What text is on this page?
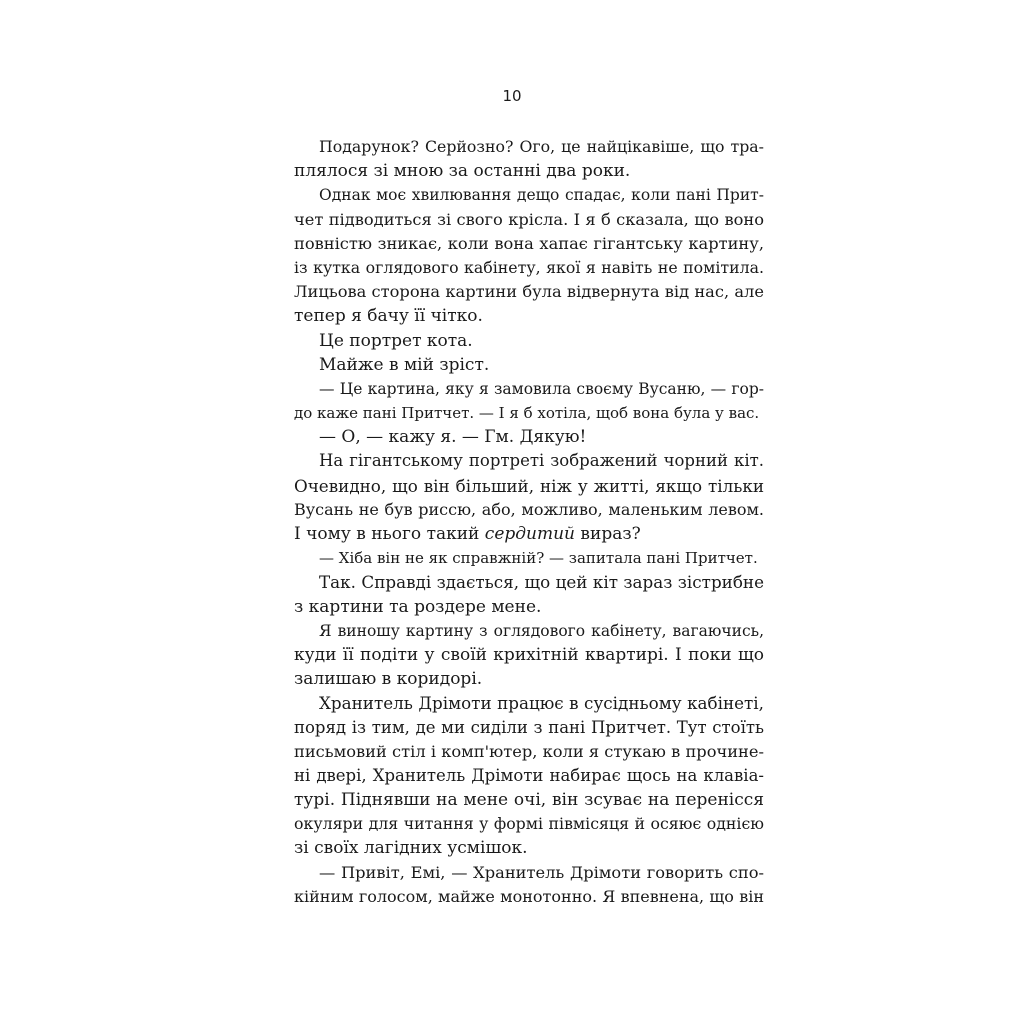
10
Подарунок? Серйозно? Ого, це найцікавіше, що тра-
плялося зі мною за останні два роки.
Однак моє хвилювання дещо спадає, коли пані Прит-
чет підводиться зі свого крісла. І я б сказала, що воно
повністю зникає, коли вона хапає гігантську картину,
із кутка оглядового кабінету, якої я навіть не помітила.
Лицьова сторона картини була відвернута від нас, але
тепер я бачу її чітко.
Це портрет кота.
Майже в мій зріст.
— Це картина, яку я замовила своєму Вусаню, — гор-
до каже пані Притчет. — І я б хотіла, щоб вона була у вас.
— О, — кажу я. — Гм. Дякую!
На гігантському портреті зображений чорний кіт.
Очевидно, що він більший, ніж у житті, якщо тільки
Вусань не був риссю, або, можливо, маленьким левом.
І чому в нього такий сердитий вираз?
— Хіба він не як справжній? — запитала пані Притчет.
Так. Справді здається, що цей кіт зараз зістрибне
з картини та роздере мене.
Я виношу картину з оглядового кабінету, вагаючись,
куди її подіти у своїй крихітній квартирі. І поки що
залишаю в коридорі.
Хранитель Дрімоти працює в сусідньому кабінеті,
поряд із тим, де ми сиділи з пані Притчет. Тут стоїть
письмовий стіл і комп'ютер, коли я стукаю в прочине-
ні двері, Хранитель Дрімоти набирає щось на клавіа-
турі. Піднявши на мене очі, він зсуває на перенісся
окуляри для читання у формі півмісяця й осяює однією
зі своїх лагідних усмішок.
— Привіт, Емі, — Хранитель Дрімоти говорить спо-
кійним голосом, майже монотонно. Я впевнена, що він
